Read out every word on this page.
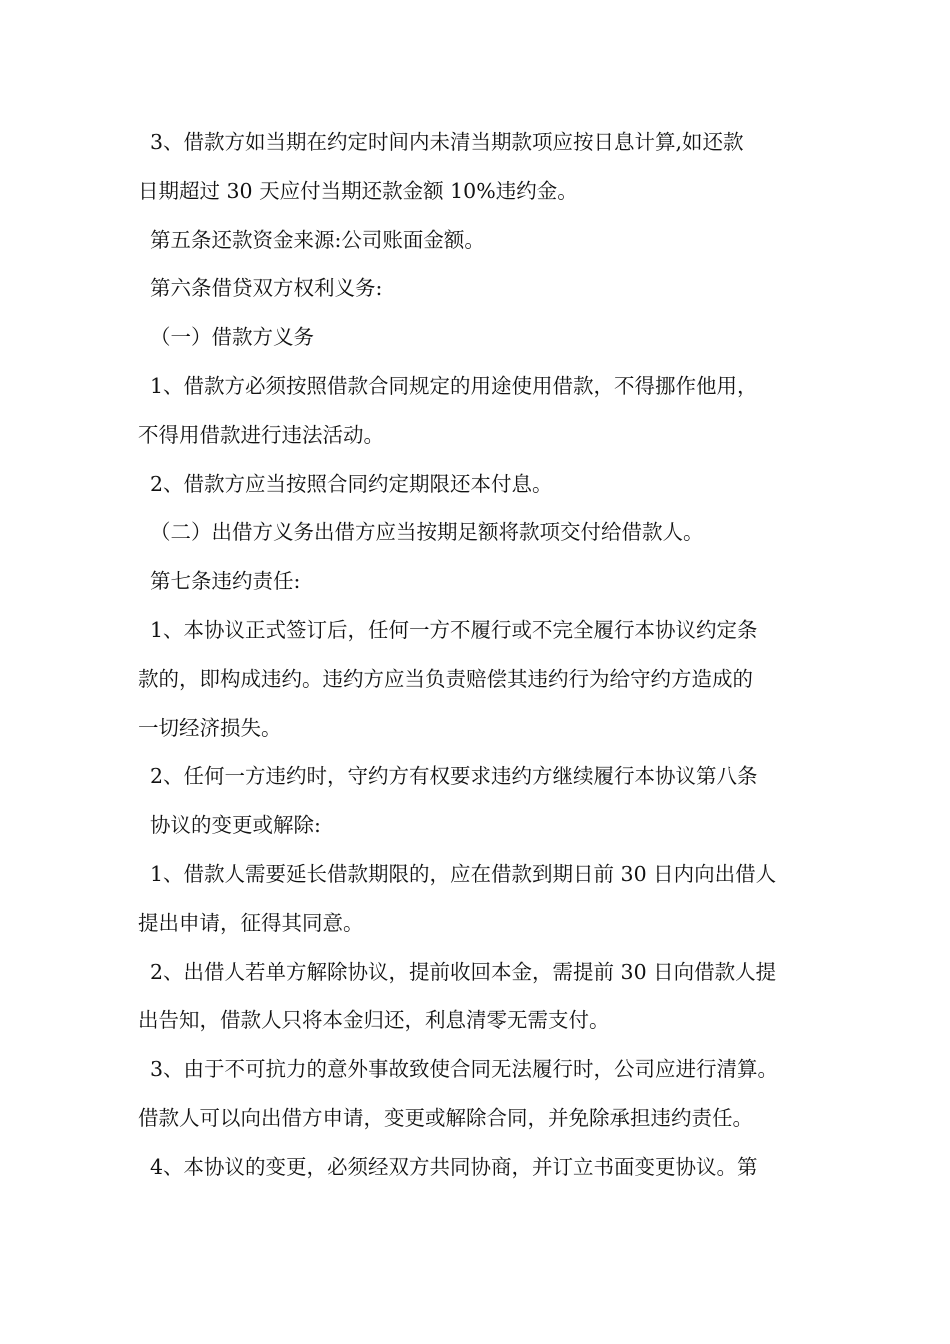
3、借款方如当期在约定时间内未清当期款项应按日息计算,如还款

日期超过 30 天应付当期还款金额 10%违约金。

第五条还款资金来源:公司账面金额。

第六条借贷双方权利义务:

（一）借款方义务

1、借款方必须按照借款合同规定的用途使用借款，不得挪作他用，

不得用借款进行违法活动。

2、借款方应当按照合同约定期限还本付息。

（二）出借方义务出借方应当按期足额将款项交付给借款人。

第七条违约责任:

1、本协议正式签订后，任何一方不履行或不完全履行本协议约定条

款的，即构成违约。违约方应当负责赔偿其违约行为给守约方造成的

一切经济损失。

2、任何一方违约时，守约方有权要求违约方继续履行本协议第八条

协议的变更或解除:

1、借款人需要延长借款期限的，应在借款到期日前 30 日内向出借人

提出申请，征得其同意。

2、出借人若单方解除协议，提前收回本金，需提前 30 日向借款人提

出告知，借款人只将本金归还，利息清零无需支付。

3、由于不可抗力的意外事故致使合同无法履行时，公司应进行清算。

借款人可以向出借方申请，变更或解除合同，并免除承担违约责任。

4、本协议的变更，必须经双方共同协商，并订立书面变更协议。第
